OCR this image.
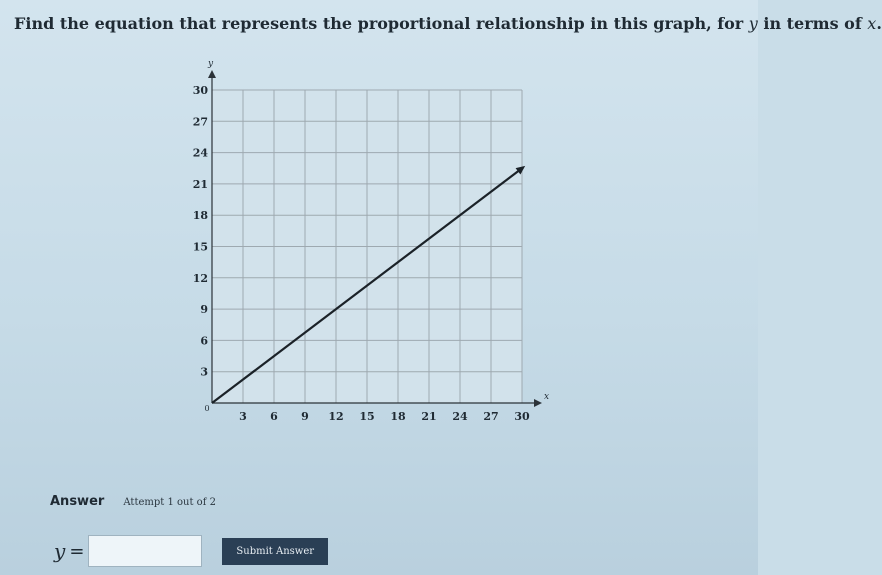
Find the equation that represents the proportional relationship in this graph, for y in terms of x.
x
y
3 6 9 12 15 18 21 24 27 30
3
6
9
12
15
18
21
24
27
30
0
Answer Attempt 1 out of 2
y =	Submit Answer
